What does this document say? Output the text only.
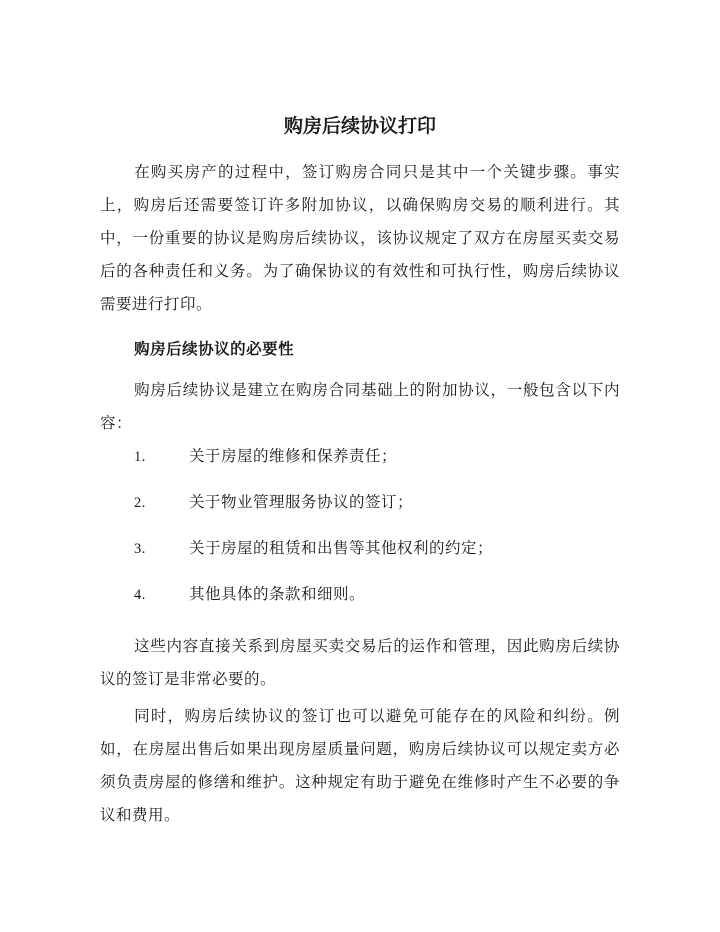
购房后续协议打印

在购买房产的过程中，签订购房合同只是其中一个关键步骤。事实上，购房后还需要签订许多附加协议，以确保购房交易的顺利进行。其中，一份重要的协议是购房后续协议，该协议规定了双方在房屋买卖交易后的各种责任和义务。为了确保协议的有效性和可执行性，购房后续协议需要进行打印。

购房后续协议的必要性

购房后续协议是建立在购房合同基础上的附加协议，一般包含以下内容：

1.	关于房屋的维修和保养责任；
2.	关于物业管理服务协议的签订；
3.	关于房屋的租赁和出售等其他权利的约定；
4.	其他具体的条款和细则。

这些内容直接关系到房屋买卖交易后的运作和管理，因此购房后续协议的签订是非常必要的。

同时，购房后续协议的签订也可以避免可能存在的风险和纠纷。例如，在房屋出售后如果出现房屋质量问题，购房后续协议可以规定卖方必须负责房屋的修缮和维护。这种规定有助于避免在维修时产生不必要的争议和费用。
